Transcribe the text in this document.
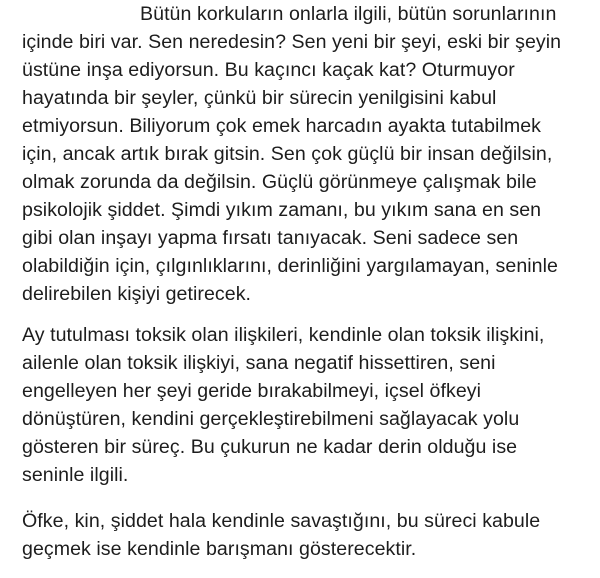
Bütün korkuların onlarla ilgili, bütün sorunlarının
içinde biri var. Sen neredesin? Sen yeni bir şeyi, eski bir şeyin
üstüne inşa ediyorsun. Bu kaçıncı kaçak kat? Oturmuyor
hayatında bir şeyler, çünkü bir sürecin yenilgisini kabul
etmiyorsun. Biliyorum çok emek harcadın ayakta tutabilmek
için, ancak artık bırak gitsin. Sen çok güçlü bir insan değilsin,
olmak zorunda da değilsin. Güçlü görünmeye çalışmak bile
psikolojik şiddet. Şimdi yıkım zamanı, bu yıkım sana en sen
gibi olan inşayı yapma fırsatı tanıyacak. Seni sadece sen
olabildiğin için, çılgınlıklarını, derinliğini yargılamayan, seninle
delirebilen kişiyi getirecek.
Ay tutulması toksik olan ilişkileri, kendinle olan toksik ilişkini,
ailenle olan toksik ilişkiyi, sana negatif hissettiren, seni
engelleyen her şeyi geride bırakabilmeyi, içsel öfkeyi
dönüştüren, kendini gerçekleştirebilmeni sağlayacak yolu
gösteren bir süreç. Bu çukurun ne kadar derin olduğu ise
seninle ilgili.
Öfke, kin, şiddet hala kendinle savaştığını, bu süreci kabule
geçmek ise kendinle barışmanı gösterecektir.
